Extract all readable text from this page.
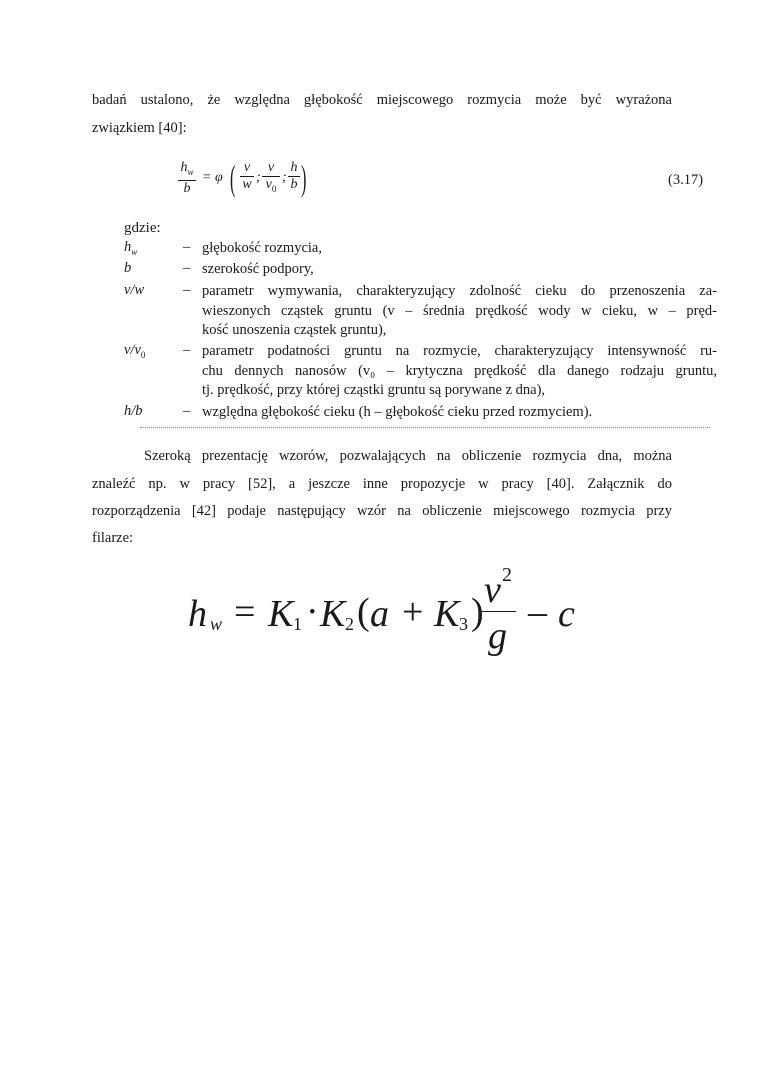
badań ustalono, że względna głębokość miejscowego rozmycia może być wyrażona

związkiem [40]:

$\frac{h_w}{b} = \varphi$ ( $\frac{v}{w}$ ; $\frac{v}{v_0}$ ; $\frac{h}{b}$ )	(3.17)
gdzie:
$h_w$	– głębokość rozmycia,

b	– szerokość podpory,

v/w	– parametr wymywania, charakteryzujący zdolność cieku do przenoszenia za-

wieszonych cząstek gruntu (v – średnia prędkość wody w cieku, w – pręd-

kość unoszenia cząstek gruntu),

$v/v_0$	– parametr podatności gruntu na rozmycie, charakteryzujący intensywność ru-

chu dennych nanosów (v₀ – krytyczna prędkość dla danego rodzaju gruntu,

tj. prędkość, przy której cząstki gruntu są porywane z dna),

h/b	– względna głębokość cieku (h – głębokość cieku przed rozmyciem).

Szeroką prezentację wzorów, pozwalających na obliczenie rozmycia dna, można

znaleźć np. w pracy [52], a jeszcze inne propozycje w pracy [40]. Załącznik do

rozporządzenia [42] podaje następujący wzór na obliczenie miejscowego rozmycia przy

filarze:

h w = K 1 · K 2 ( a + K 3 )
v 2
g
– c
